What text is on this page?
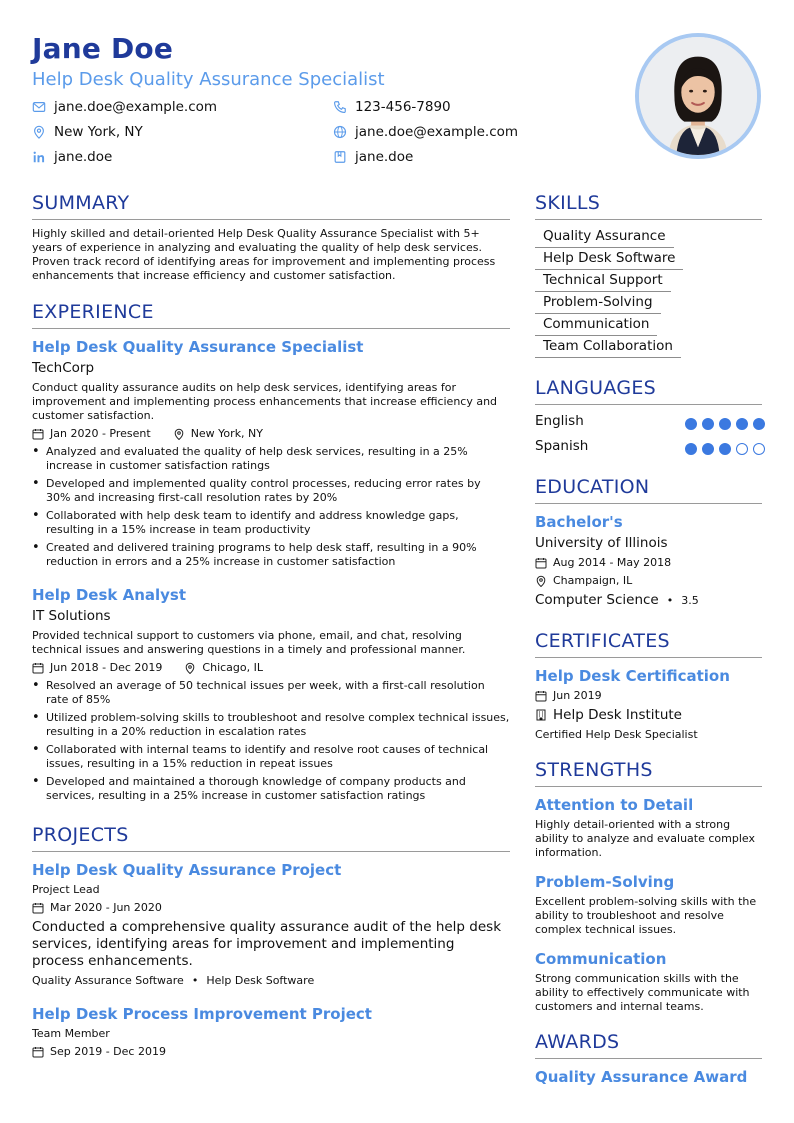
Jane Doe
Help Desk Quality Assurance Specialist
jane.doe@example.com	123-456-7890
New York, NY	jane.doe@example.com
jane.doe	jane.doe
SUMMARY
Highly skilled and detail-oriented Help Desk Quality Assurance Specialist with 5+ years of experience in analyzing and evaluating the quality of help desk services. Proven track record of identifying areas for improvement and implementing process enhancements that increase efficiency and customer satisfaction.
EXPERIENCE
Help Desk Quality Assurance Specialist
TechCorp
Conduct quality assurance audits on help desk services, identifying areas for improvement and implementing process enhancements that increase efficiency and customer satisfaction.
Jan 2020 - Present	New York, NY
• Analyzed and evaluated the quality of help desk services, resulting in a 25% increase in customer satisfaction ratings
• Developed and implemented quality control processes, reducing error rates by 30% and increasing first-call resolution rates by 20%
• Collaborated with help desk team to identify and address knowledge gaps, resulting in a 15% increase in team productivity
• Created and delivered training programs to help desk staff, resulting in a 90% reduction in errors and a 25% increase in customer satisfaction
Help Desk Analyst
IT Solutions
Provided technical support to customers via phone, email, and chat, resolving technical issues and answering questions in a timely and professional manner.
Jun 2018 - Dec 2019	Chicago, IL
• Resolved an average of 50 technical issues per week, with a first-call resolution rate of 85%
• Utilized problem-solving skills to troubleshoot and resolve complex technical issues, resulting in a 20% reduction in escalation rates
• Collaborated with internal teams to identify and resolve root causes of technical issues, resulting in a 15% reduction in repeat issues
• Developed and maintained a thorough knowledge of company products and services, resulting in a 25% increase in customer satisfaction ratings
PROJECTS
Help Desk Quality Assurance Project
Project Lead
Mar 2020 - Jun 2020
Conducted a comprehensive quality assurance audit of the help desk services, identifying areas for improvement and implementing process enhancements.
Quality Assurance Software • Help Desk Software
Help Desk Process Improvement Project
Team Member
Sep 2019 - Dec 2019
SKILLS
Quality Assurance
Help Desk Software
Technical Support
Problem-Solving
Communication
Team Collaboration
LANGUAGES
English
Spanish
EDUCATION
Bachelor's
University of Illinois
Aug 2014 - May 2018
Champaign, IL
Computer Science • 3.5
CERTIFICATES
Help Desk Certification
Jun 2019
Help Desk Institute
Certified Help Desk Specialist
STRENGTHS
Attention to Detail
Highly detail-oriented with a strong ability to analyze and evaluate complex information.
Problem-Solving
Excellent problem-solving skills with the ability to troubleshoot and resolve complex technical issues.
Communication
Strong communication skills with the ability to effectively communicate with customers and internal teams.
AWARDS
Quality Assurance Award
